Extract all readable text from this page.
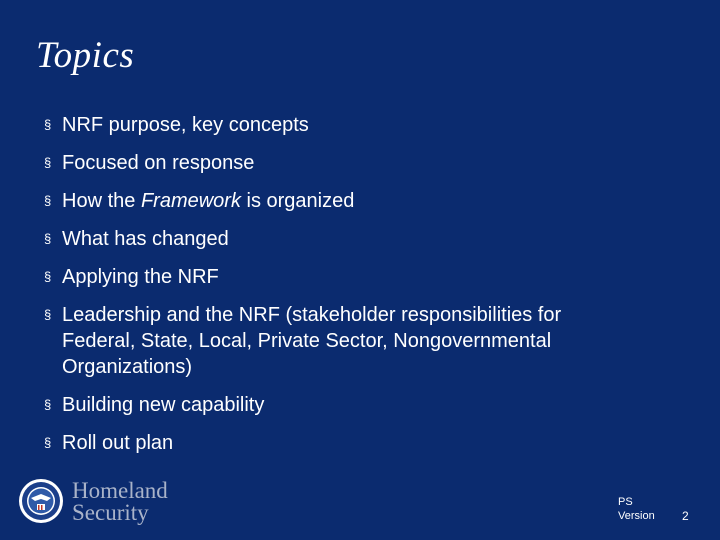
Topics
§ NRF purpose, key concepts
§ Focused on response
§ How the Framework is organized
§ What has changed
§ Applying the NRF
§ Leadership and the NRF (stakeholder responsibilities for
Federal, State, Local, Private Sector, Nongovernmental
Organizations)
§ Building new capability
§ Roll out plan
Homeland
Security	PS
Version 2
